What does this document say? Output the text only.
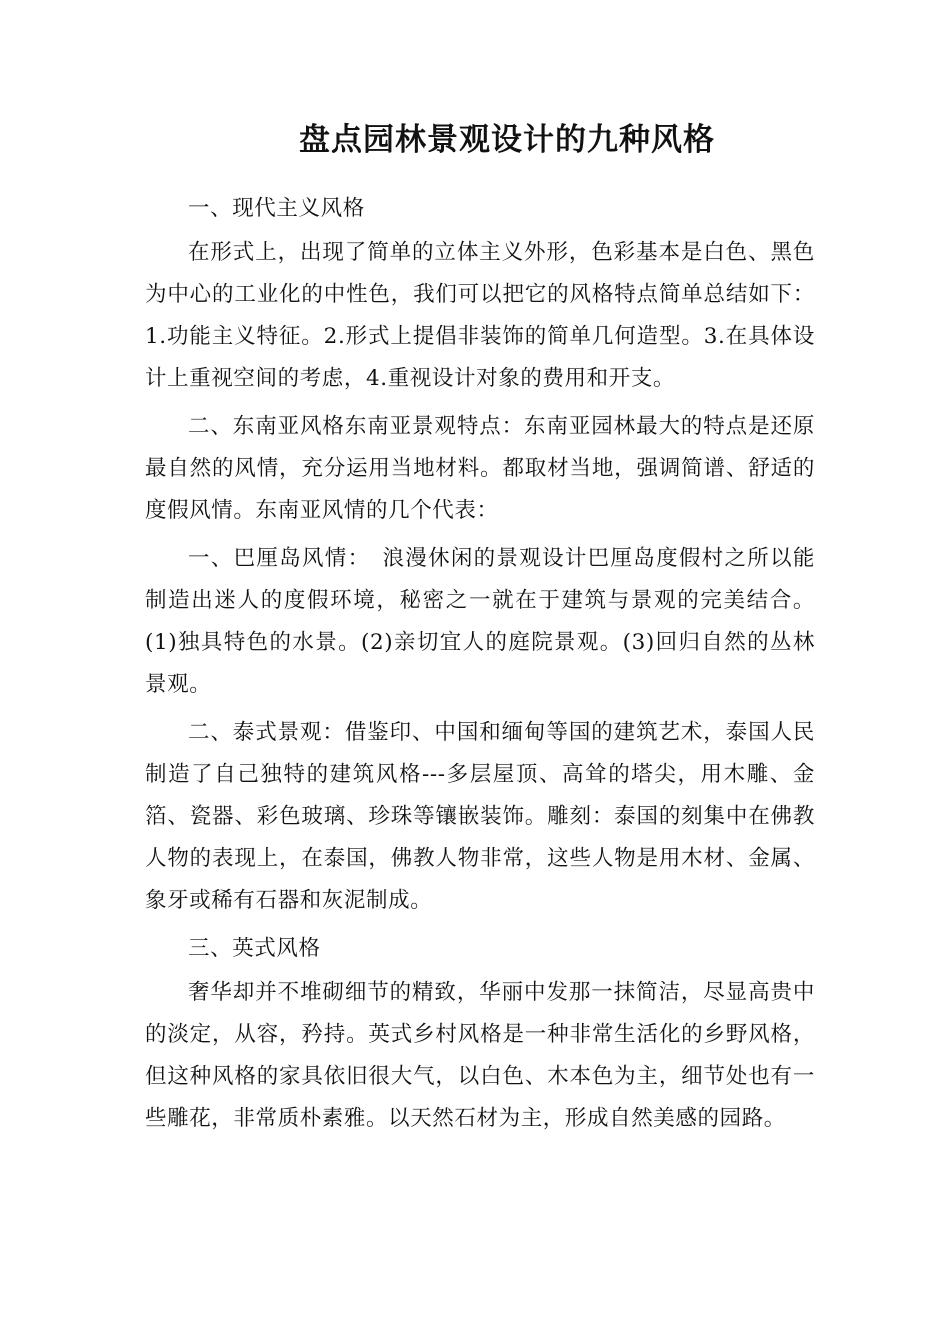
盘点园林景观设计的九种风格

一、现代主义风格

在形式上，出现了简单的立体主义外形，色彩基本是白色、黑色为中心的工业化的中性色，我们可以把它的风格特点简单总结如下：1.功能主义特征。2.形式上提倡非装饰的简单几何造型。3.在具体设计上重视空间的考虑，4.重视设计对象的费用和开支。

二、东南亚风格东南亚景观特点：东南亚园林最大的特点是还原最自然的风情，充分运用当地材料。都取材当地，强调简谱、舒适的度假风情。东南亚风情的几个代表：

一、巴厘岛风情：　浪漫休闲的景观设计巴厘岛度假村之所以能制造出迷人的度假环境，秘密之一就在于建筑与景观的完美结合。(1)独具特色的水景。(2)亲切宜人的庭院景观。(3)回归自然的丛林景观。

二、泰式景观：借鉴印、中国和缅甸等国的建筑艺术，泰国人民制造了自己独特的建筑风格---多层屋顶、高耸的塔尖，用木雕、金箔、瓷器、彩色玻璃、珍珠等镶嵌装饰。雕刻：泰国的刻集中在佛教人物的表现上，在泰国，佛教人物非常，这些人物是用木材、金属、象牙或稀有石器和灰泥制成。

三、英式风格

奢华却并不堆砌细节的精致，华丽中发那一抹简洁，尽显高贵中的淡定，从容，矜持。英式乡村风格是一种非常生活化的乡野风格，但这种风格的家具依旧很大气，以白色、木本色为主，细节处也有一些雕花，非常质朴素雅。以天然石材为主，形成自然美感的园路。
